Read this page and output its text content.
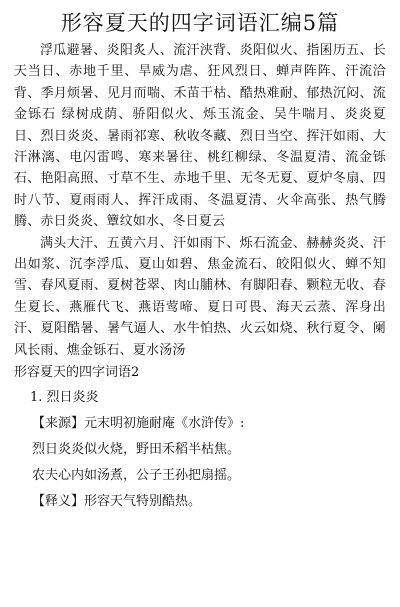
形容夏天的四字词语汇编5篇

浮瓜避暑、炎阳炙人、流汗浃背、炎阳似火、指囷历五、长天当日、赤地千里、旱威为虐、狂风烈日、蝉声阵阵、汗流洽背、季月烦暑、见月而喘、禾苗干枯、酷热难耐、郁热沉闷、流金铄石 绿树成荫、骄阳似火、烁玉流金、吴牛喘月、炎炎夏日、烈日炎炎、暑雨祁寒、秋收冬藏、烈日当空、挥汗如雨、大汗淋漓、电闪雷鸣、寒来暑往、桃红柳绿、冬温夏清、流金铄石、艳阳高照、寸草不生、赤地千里、无冬无夏、夏炉冬扇、四时八节、夏雨雨人、挥汗成雨、冬温夏清、火伞高张、热气腾腾、赤日炎炎、簟纹如水、冬日夏云

满头大汗、五黄六月、汗如雨下、烁石流金、赫赫炎炎、汗出如浆、沉李浮瓜、夏山如碧、焦金流石、皎阳似火、蝉不知雪、春风夏雨、夏树苍翠、肉山脯林、有脚阳春、颗粒无收、春生夏长、燕雁代飞、燕语莺啼、夏日可畏、海天云蒸、浑身出汗、夏阳酷暑、暑气逼人、水牛怕热、火云如烧、秋行夏令、阑风长雨、燋金铄石、夏水汤汤

形容夏天的四字词语2

1. 烈日炎炎

【来源】元末明初施耐庵《水浒传》:

烈日炎炎似火烧，野田禾稻半枯焦。

农夫心内如汤煮，公子王孙把扇摇。

【释义】形容天气特别酷热。
